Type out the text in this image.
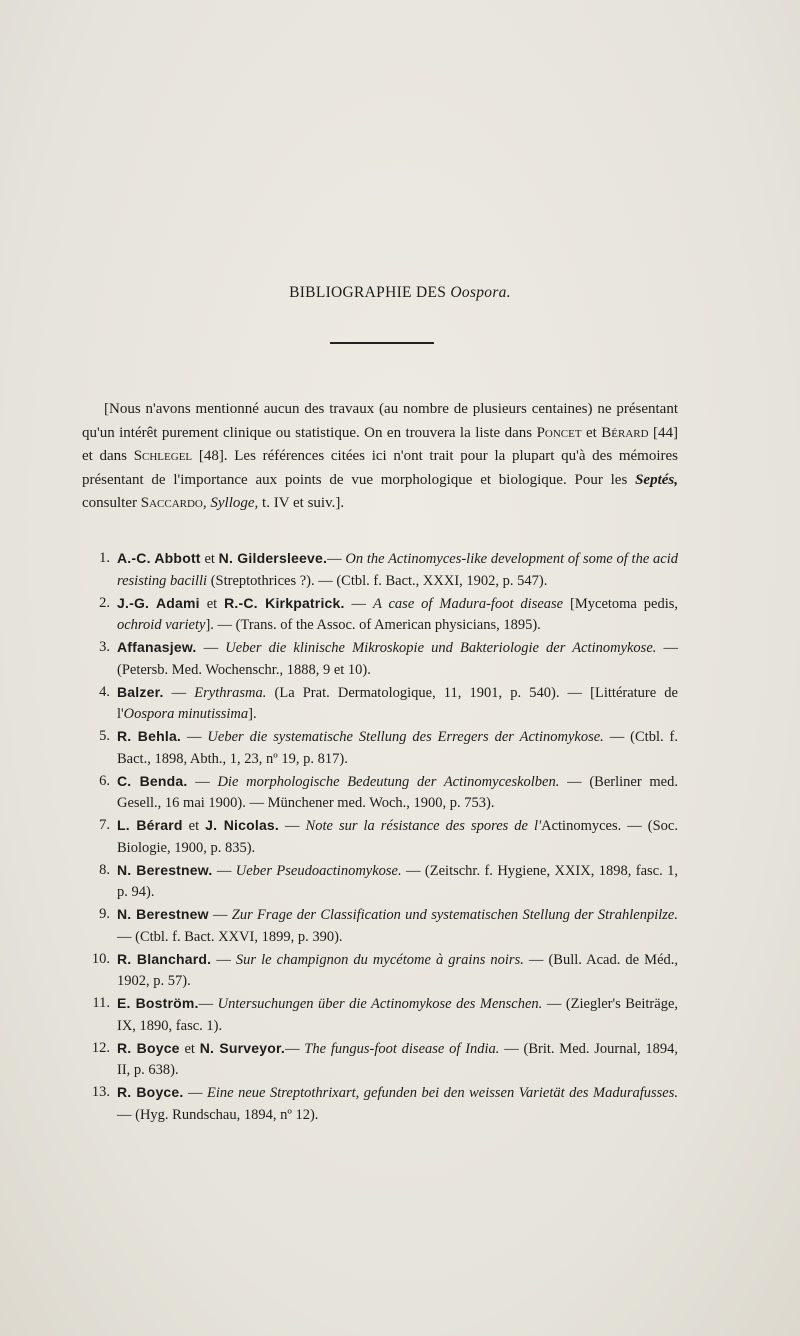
BIBLIOGRAPHIE DES Oospora.

[Nous n'avons mentionné aucun des travaux (au nombre de plusieurs centaines) ne présentant qu'un intérêt purement clinique ou statistique. On en trouvera la liste dans Poncet et Bérard [44] et dans Schlegel [48]. Les références citées ici n'ont trait pour la plupart qu'à des mémoires présentant de l'importance aux points de vue morphologique et biologique. Pour les Septés, consulter Saccardo, Sylloge, t. IV et suiv.].

1. A.-C. Abbott et N. Gildersleeve.— On the Actinomyces-like development of some of the acid resisting bacilli (Streptothrices ?). — (Ctbl. f. Bact., XXXI, 1902, p. 547).
2. J.-G. Adami et R.-C. Kirkpatrick. — A case of Madura-foot disease [Mycetoma pedis, ochroid variety]. — (Trans. of the Assoc. of American physicians, 1895).
3. Affanasjew. — Ueber die klinische Mikroskopie und Bakteriologie der Actinomykose. — (Petersb. Med. Wochenschr., 1888, 9 et 10).
4. Balzer. — Erythrasma. (La Prat. Dermatologique, 11, 1901, p. 540). — [Littérature de l'Oospora minutissima].
5. R. Behla. — Ueber die systematische Stellung des Erregers der Actinomykose. — (Ctbl. f. Bact., 1898, Abth., 1, 23, nº 19, p. 817).
6. C. Benda. — Die morphologische Bedeutung der Actinomyceskolben. — (Berliner med. Gesell., 16 mai 1900). — Münchener med. Woch., 1900, p. 753).
7. L. Bérard et J. Nicolas. — Note sur la résistance des spores de l'Actinomyces. — (Soc. Biologie, 1900, p. 835).
8. N. Berestnew. — Ueber Pseudoactinomykose. — (Zeitschr. f. Hygiene, XXIX, 1898, fasc. 1, p. 94).
9. N. Berestnew — Zur Frage der Classification und systematischen Stellung der Strahlenpilze. — (Ctbl. f. Bact. XXVI, 1899, p. 390).
10. R. Blanchard. — Sur le champignon du mycétome à grains noirs. — (Bull. Acad. de Méd., 1902, p. 57).
11. E. Boström.— Untersuchungen über die Actinomykose des Menschen. — (Ziegler's Beiträge, IX, 1890, fasc. 1).
12. R. Boyce et N. Surveyor.— The fungus-foot disease of India. — (Brit. Med. Journal, 1894, II, p. 638).
13. R. Boyce. — Eine neue Streptothrixart, gefunden bei den weissen Varietät des Madurafusses. — (Hyg. Rundschau, 1894, nº 12).
